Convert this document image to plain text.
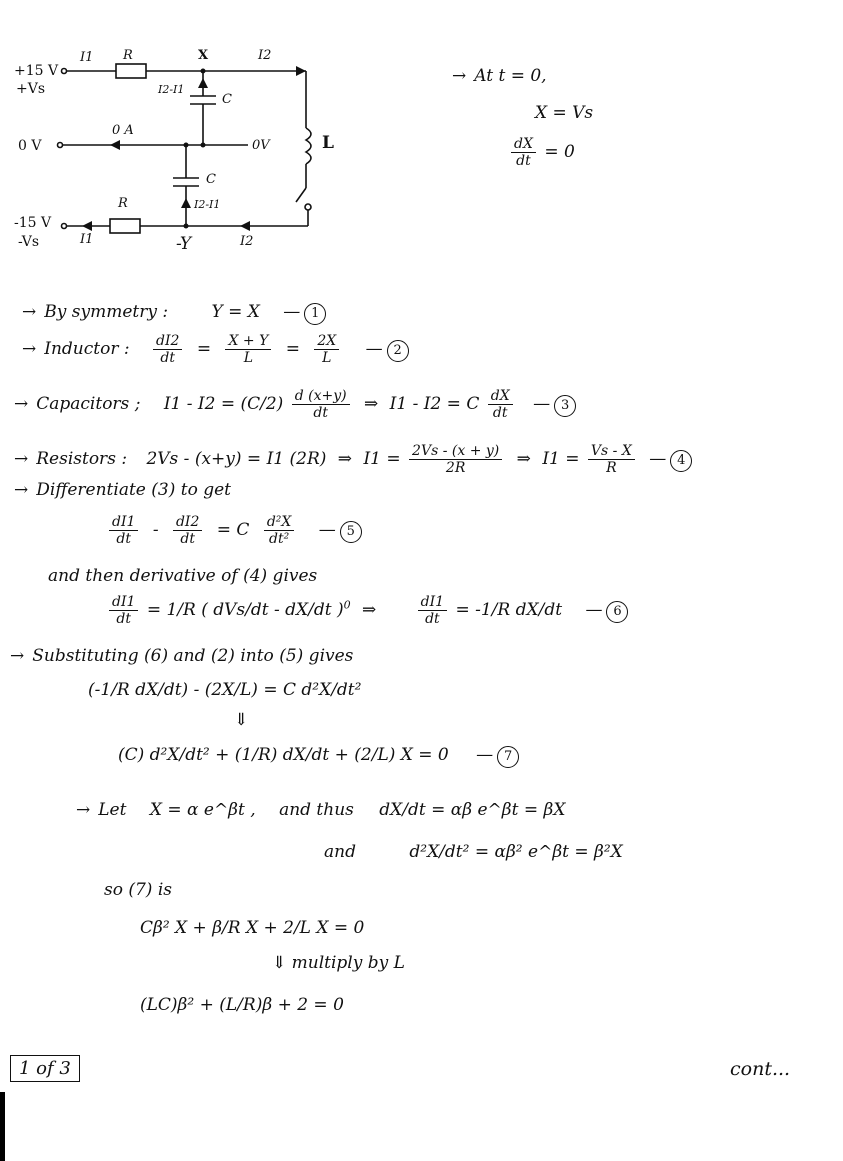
+15 V
+Vs
0 V	0V
-15 V
-Vs
I1 R	X	I2
I2-I1
C
0 A
L
C
R	I2-I1
I1	-Y	I2
→ At t = 0,
X = Vs
$\frac{dX}{dt} = 0$
→ By symmetry :	Y = X — 1
→ Inductor : $\frac{dI2}{dt} = \frac{X + Y}{L} = \frac{2X}{L}$ — 2
→ Capacitors ; $I1 - I2 = (C/2) \frac{d (x+y)}{dt}$ ⇒ I1 - I2 = C $\frac{dX}{dt}$ — 3
→ Resistors : 2Vs - (x+y) = I1 (2R) ⇒ $I1 = \frac{2Vs - (x + y)}{2R}$ ⇒ $I1 = \frac{Vs - X}{R}$ — 4
→ Differentiate (3) to get
$\frac{dI1}{dt} - \frac{dI2}{dt} = C \frac{\text{d²X}}{\text{dt²}}$ — 5
and then derivative of (4) gives
$\frac{dI1}{dt} = 1/R$ ( dVs/dt - dX/dt )$^0$ ⇒	$\frac{dI1}{dt} = -1/R$ dX/dt — 6
→ Substituting (6) and (2) into (5) gives
(-1/R dX/dt) - (2X/L) = C d²X/dt²
⇓
(C) d²X/dt² + (1/R) dX/dt + (2/L) X = 0 — 7
→ Let X = α e^βt , and thus dX/dt = αβ e^βt = βX
and	d²X/dt² = αβ² e^βt = β²X
so (7) is
Cβ² X + β/R X + 2/L X = 0
⇓ multiply by L
(LC)β² + (L/R)β + 2 = 0
1 of 3	cont...
